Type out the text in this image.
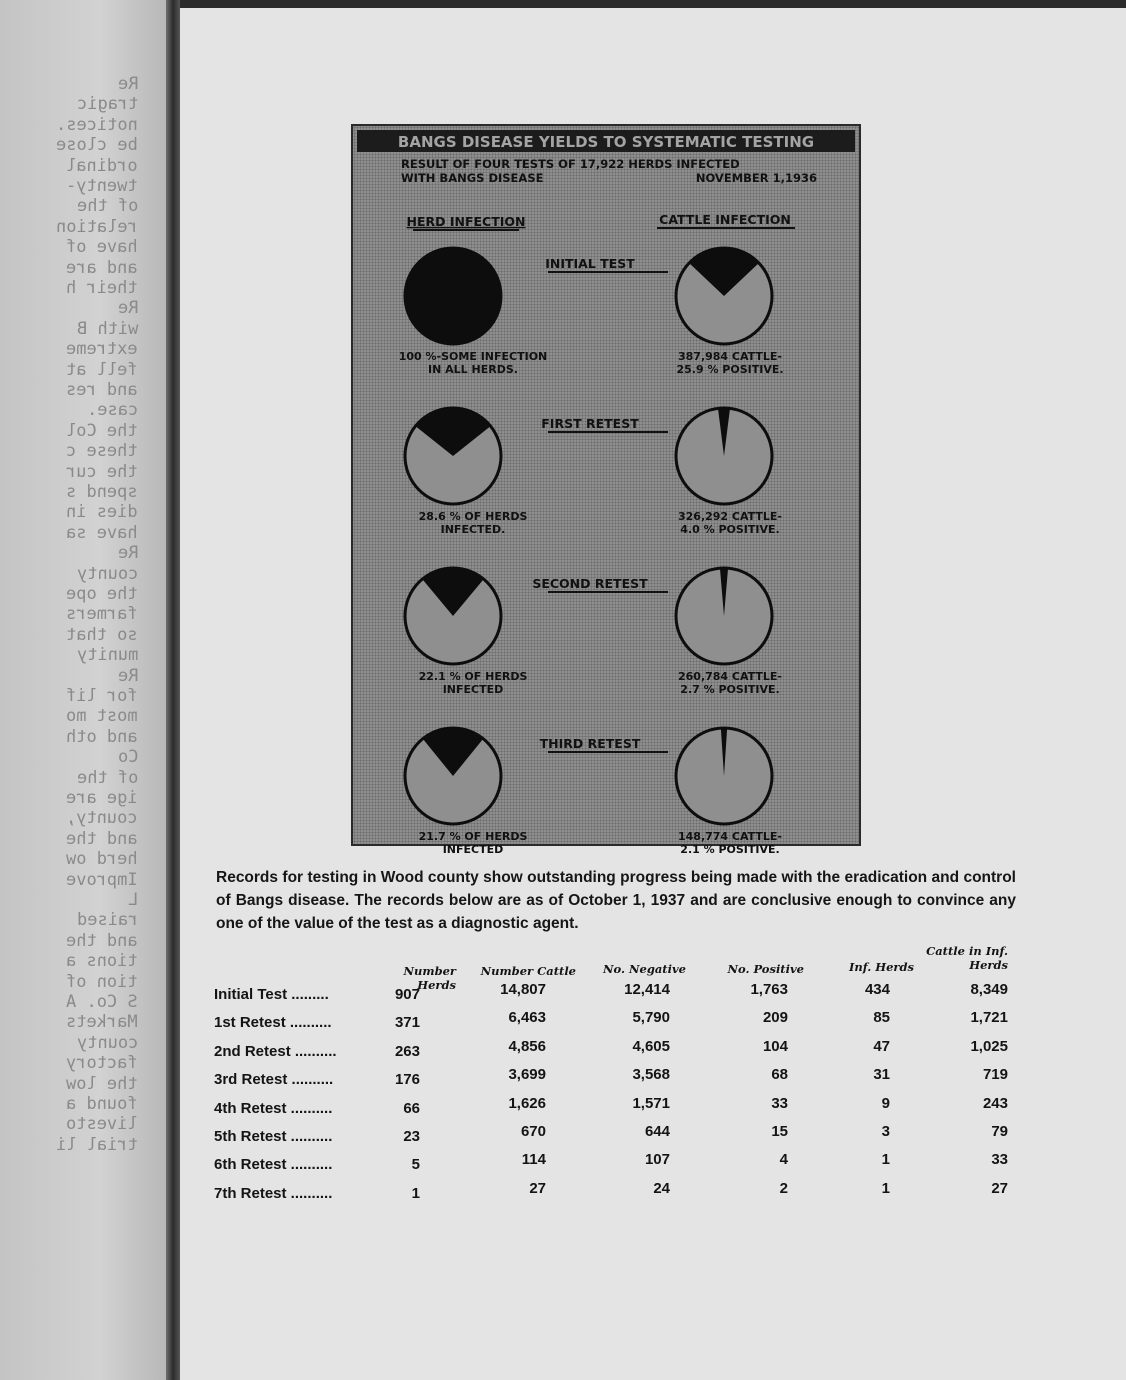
Re
tragic
notices.
be close
ordinal
twenty-
of the
relation
have of
and are
their h
Re
with B
extreme
fell at
and res
case.
the Col
these c
the cur
spend s
dies in
have sa
Re
county
the ope
farmers
so that
munity
Re
for lif
most mo
and oth
Co
of the
ige are
county,
and the
herd ow
Improve
L
raised
and the
tions a
tion of
S Co. A
Markets
county
factory
the low
found a
livesto
trial li
BANGS DISEASE YIELDS TO SYSTEMATIC TESTING
RESULT OF FOUR TESTS OF 17,922 HERDS INFECTED
WITH BANGS DISEASE	NOVEMBER 1,1936
HERD INFECTION	CATTLE INFECTION
INITIAL TEST
100 %-SOME INFECTION
IN ALL HERDS.
387,984 CATTLE-
25.9 % POSITIVE.
FIRST RETEST
28.6 % OF HERDS
INFECTED.
326,292 CATTLE-
4.0 % POSITIVE.
SECOND RETEST
22.1 % OF HERDS
INFECTED
260,784 CATTLE-
2.7 % POSITIVE.
THIRD RETEST
21.7 % OF HERDS
INFECTED
148,774 CATTLE-
2.1 % POSITIVE.

Records for testing in Wood county show outstanding progress being made with the eradication and control of Bangs disease. The records below are as of October 1, 1937 and are conclusive enough to convince any one of the value of the test as a diagnostic agent.

Number Herds
Number Cattle	No. Negative	No. Positive	Inf. Herds
Cattle in Inf.
Herds
Initial Test .........	907	14,807	12,414	1,763	434	8,349
1st Retest ..........	371	6,463	5,790	209	85	1,721
2nd Retest ..........	263	4,856	4,605	104	47	1,025
3rd Retest ..........	176	3,699	3,568	68	31	719
4th Retest ..........	66	1,626	1,571	33	9	243
5th Retest ..........	23	670	644	15	3	79
6th Retest ..........	5	114	107	4	1	33
7th Retest ..........	1	27	24	2	1	27
